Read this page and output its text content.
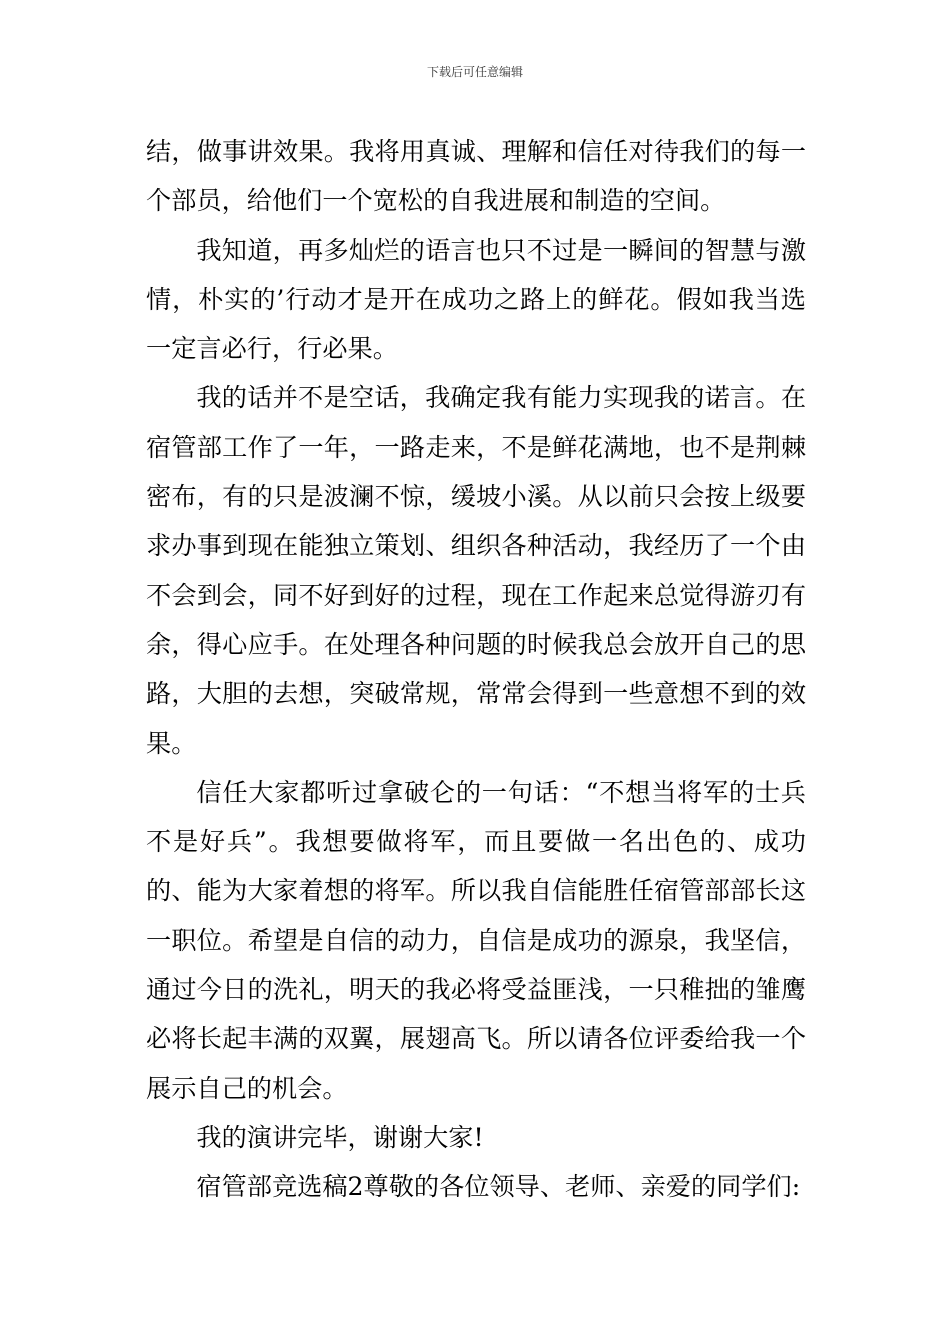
下载后可任意编辑

结，做事讲效果。我将用真诚、理解和信任对待我们的每一个部员，给他们一个宽松的自我进展和制造的空间。

我知道，再多灿烂的语言也只不过是一瞬间的智慧与激情，朴实的’行动才是开在成功之路上的鲜花。假如我当选一定言必行，行必果。

我的话并不是空话，我确定我有能力实现我的诺言。在宿管部工作了一年，一路走来，不是鲜花满地，也不是荆棘密布，有的只是波澜不惊，缓坡小溪。从以前只会按上级要求办事到现在能独立策划、组织各种活动，我经历了一个由不会到会，同不好到好的过程，现在工作起来总觉得游刃有余，得心应手。在处理各种问题的时候我总会放开自己的思路，大胆的去想，突破常规，常常会得到一些意想不到的效果。

信任大家都听过拿破仑的一句话：“不想当将军的士兵不是好兵”。我想要做将军，而且要做一名出色的、成功的、能为大家着想的将军。所以我自信能胜任宿管部部长这一职位。希望是自信的动力，自信是成功的源泉，我坚信，通过今日的洗礼，明天的我必将受益匪浅，一只稚拙的雏鹰必将长起丰满的双翼，展翅高飞。所以请各位评委给我一个展示自己的机会。

我的演讲完毕，谢谢大家!

宿管部竞选稿2尊敬的各位领导、老师、亲爱的同学们:
